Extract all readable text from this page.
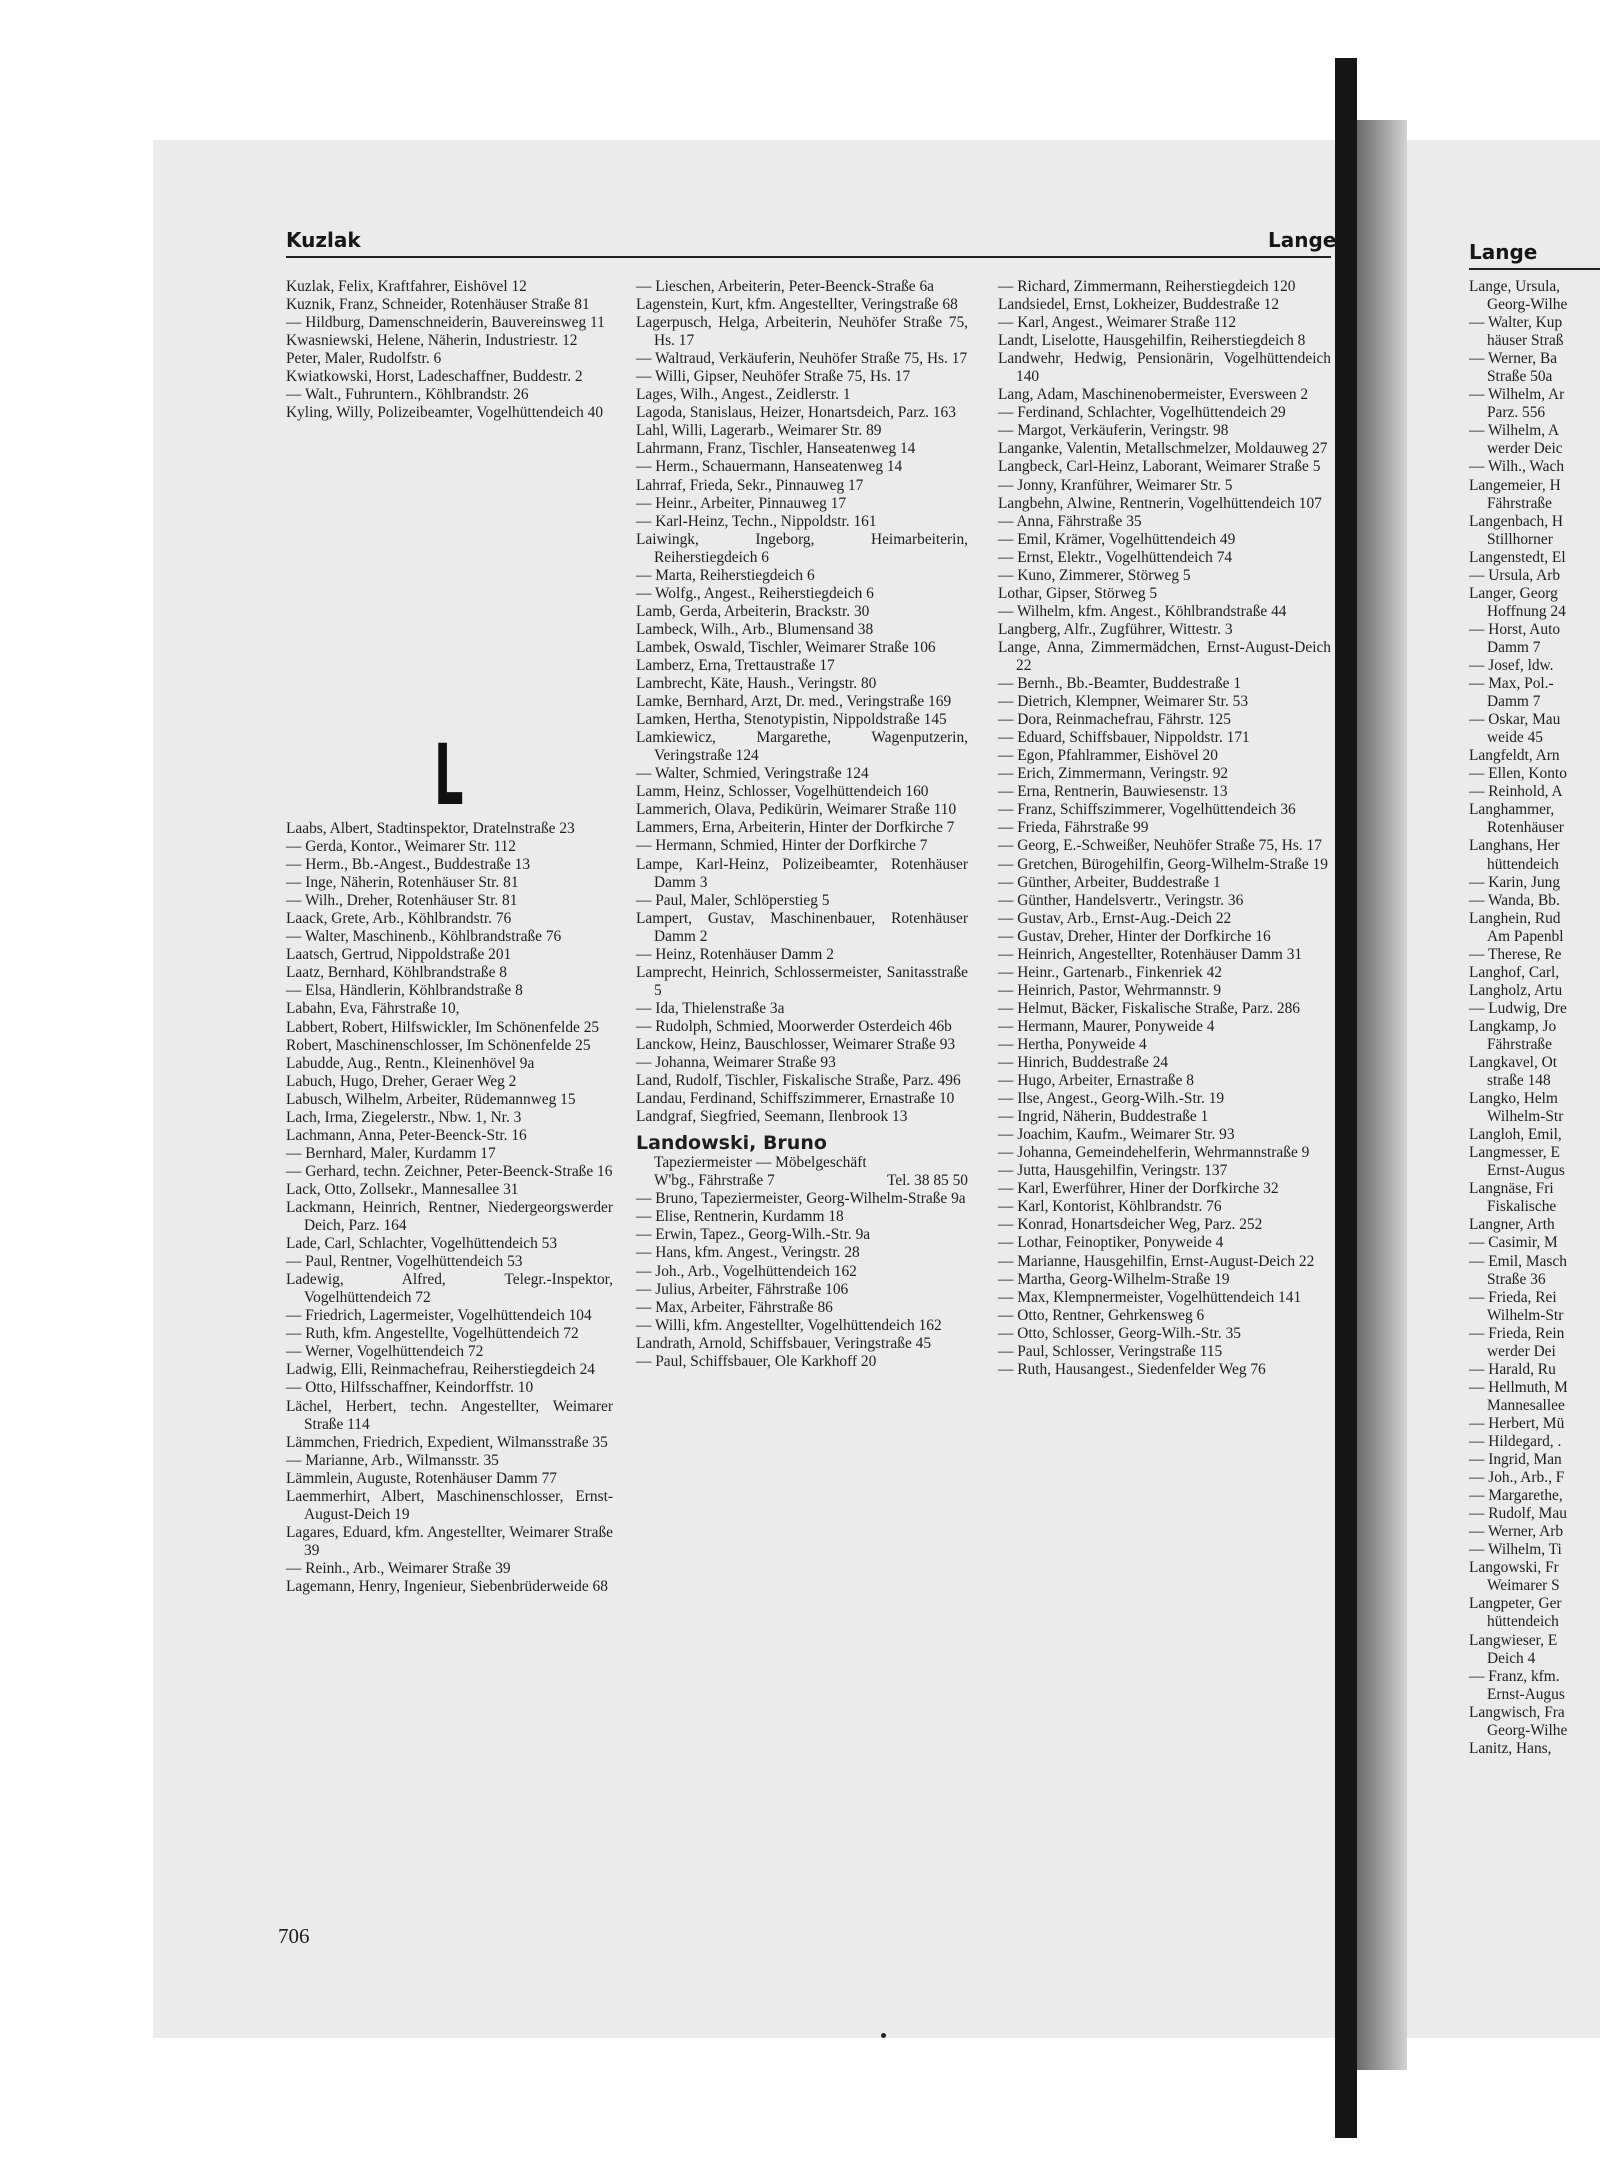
Kuzlak	Lange	Lange

Kuzlak, Felix, Kraftfahrer, Eishövel 12

Kuznik, Franz, Schneider, Rotenhäuser Straße 81

— Hildburg, Damenschneiderin, Bauvereinsweg 11

Kwasniewski, Helene, Näherin, Industriestr. 12

Peter, Maler, Rudolfstr. 6

Kwiatkowski, Horst, Ladeschaffner, Buddestr. 2

— Walt., Fuhruntern., Köhlbrandstr. 26

Kyling, Willy, Polizeibeamter, Vogelhüttendeich 40

L

Laabs, Albert, Stadtinspektor, Dratelnstraße 23

— Gerda, Kontor., Weimarer Str. 112

— Herm., Bb.-Angest., Buddestraße 13

— Inge, Näherin, Rotenhäuser Str. 81

— Wilh., Dreher, Rotenhäuser Str. 81

Laack, Grete, Arb., Köhlbrandstr. 76

— Walter, Maschinenb., Köhlbrandstraße 76

Laatsch, Gertrud, Nippoldstraße 201

Laatz, Bernhard, Köhlbrandstraße 8

— Elsa, Händlerin, Köhlbrandstraße 8

Labahn, Eva, Fährstraße 10,

Labbert, Robert, Hilfswickler, Im Schönenfelde 25

Robert, Maschinenschlosser, Im Schönenfelde 25

Labudde, Aug., Rentn., Kleinenhövel 9a

Labuch, Hugo, Dreher, Geraer Weg 2

Labusch, Wilhelm, Arbeiter, Rüdemannweg 15

Lach, Irma, Ziegelerstr., Nbw. 1, Nr. 3

Lachmann, Anna, Peter-Beenck-Str. 16

— Bernhard, Maler, Kurdamm 17

— Gerhard, techn. Zeichner, Peter-Beenck-Straße 16

Lack, Otto, Zollsekr., Mannesallee 31

Lackmann, Heinrich, Rentner, Niedergeorgswerder Deich, Parz. 164

Lade, Carl, Schlachter, Vogelhüttendeich 53

— Paul, Rentner, Vogelhüttendeich 53

Ladewig, Alfred, Telegr.-Inspektor, Vogelhüttendeich 72

— Friedrich, Lagermeister, Vogelhüttendeich 104

— Ruth, kfm. Angestellte, Vogelhüttendeich 72

— Werner, Vogelhüttendeich 72

Ladwig, Elli, Reinmachefrau, Reiherstiegdeich 24

— Otto, Hilfsschaffner, Keindorffstr. 10

Lächel, Herbert, techn. Angestellter, Weimarer Straße 114

Lämmchen, Friedrich, Expedient, Wilmansstraße 35

— Marianne, Arb., Wilmansstr. 35

Lämmlein, Auguste, Rotenhäuser Damm 77

Laemmerhirt, Albert, Maschinenschlosser, Ernst-August-Deich 19

Lagares, Eduard, kfm. Angestellter, Weimarer Straße 39

— Reinh., Arb., Weimarer Straße 39

Lagemann, Henry, Ingenieur, Siebenbrüderweide 68

— Lieschen, Arbeiterin, Peter-Beenck-Straße 6a

Lagenstein, Kurt, kfm. Angestellter, Veringstraße 68

Lagerpusch, Helga, Arbeiterin, Neuhöfer Straße 75, Hs. 17

— Waltraud, Verkäuferin, Neuhöfer Straße 75, Hs. 17

— Willi, Gipser, Neuhöfer Straße 75, Hs. 17

Lages, Wilh., Angest., Zeidlerstr. 1

Lagoda, Stanislaus, Heizer, Honartsdeich, Parz. 163

Lahl, Willi, Lagerarb., Weimarer Str. 89

Lahrmann, Franz, Tischler, Hanseatenweg 14

— Herm., Schauermann, Hanseatenweg 14

Lahrraf, Frieda, Sekr., Pinnauweg 17

— Heinr., Arbeiter, Pinnauweg 17

— Karl-Heinz, Techn., Nippoldstr. 161

Laiwingk, Ingeborg, Heimarbeiterin, Reiherstiegdeich 6

— Marta, Reiherstiegdeich 6

— Wolfg., Angest., Reiherstiegdeich 6

Lamb, Gerda, Arbeiterin, Brackstr. 30

Lambeck, Wilh., Arb., Blumensand 38

Lambek, Oswald, Tischler, Weimarer Straße 106

Lamberz, Erna, Trettaustraße 17

Lambrecht, Käte, Haush., Veringstr. 80

Lamke, Bernhard, Arzt, Dr. med., Veringstraße 169

Lamken, Hertha, Stenotypistin, Nippoldstraße 145

Lamkiewicz, Margarethe, Wagenputzerin, Veringstraße 124

— Walter, Schmied, Veringstraße 124

Lamm, Heinz, Schlosser, Vogelhüttendeich 160

Lammerich, Olava, Pedikürin, Weimarer Straße 110

Lammers, Erna, Arbeiterin, Hinter der Dorfkirche 7

— Hermann, Schmied, Hinter der Dorfkirche 7

Lampe, Karl-Heinz, Polizeibeamter, Rotenhäuser Damm 3

— Paul, Maler, Schlöperstieg 5

Lampert, Gustav, Maschinenbauer, Rotenhäuser Damm 2

— Heinz, Rotenhäuser Damm 2

Lamprecht, Heinrich, Schlossermeister, Sanitasstraße 5

— Ida, Thielenstraße 3a

— Rudolph, Schmied, Moorwerder Osterdeich 46b

Lanckow, Heinz, Bauschlosser, Weimarer Straße 93

— Johanna, Weimarer Straße 93

Land, Rudolf, Tischler, Fiskalische Straße, Parz. 496

Landau, Ferdinand, Schiffszimmerer, Ernastraße 10

Landgraf, Siegfried, Seemann, Ilenbrook 13

Landowski, Bruno

Tapeziermeister — Möbelgeschäft

W'bg., Fährstraße 7	Tel. 38 85 50

— Bruno, Tapeziermeister, Georg-Wilhelm-Straße 9a

— Elise, Rentnerin, Kurdamm 18

— Erwin, Tapez., Georg-Wilh.-Str. 9a

— Hans, kfm. Angest., Veringstr. 28

— Joh., Arb., Vogelhüttendeich 162

— Julius, Arbeiter, Fährstraße 106

— Max, Arbeiter, Fährstraße 86

— Willi, kfm. Angestellter, Vogelhüttendeich 162

Landrath, Arnold, Schiffsbauer, Veringstraße 45

— Paul, Schiffsbauer, Ole Karkhoff 20

— Richard, Zimmermann, Reiherstiegdeich 120

Landsiedel, Ernst, Lokheizer, Buddestraße 12

— Karl, Angest., Weimarer Straße 112

Landt, Liselotte, Hausgehilfin, Reiherstiegdeich 8

Landwehr, Hedwig, Pensionärin, Vogelhüttendeich 140

Lang, Adam, Maschinenobermeister, Eversween 2

— Ferdinand, Schlachter, Vogelhüttendeich 29

— Margot, Verkäuferin, Veringstr. 98

Langanke, Valentin, Metallschmelzer, Moldauweg 27

Langbeck, Carl-Heinz, Laborant, Weimarer Straße 5

— Jonny, Kranführer, Weimarer Str. 5

Langbehn, Alwine, Rentnerin, Vogelhüttendeich 107

— Anna, Fährstraße 35

— Emil, Krämer, Vogelhüttendeich 49

— Ernst, Elektr., Vogelhüttendeich 74

— Kuno, Zimmerer, Störweg 5

Lothar, Gipser, Störweg 5

— Wilhelm, kfm. Angest., Köhlbrandstraße 44

Langberg, Alfr., Zugführer, Wittestr. 3

Lange, Anna, Zimmermädchen, Ernst-August-Deich 22

— Bernh., Bb.-Beamter, Buddestraße 1

— Dietrich, Klempner, Weimarer Str. 53

— Dora, Reinmachefrau, Fährstr. 125

— Eduard, Schiffsbauer, Nippoldstr. 171

— Egon, Pfahlrammer, Eishövel 20

— Erich, Zimmermann, Veringstr. 92

— Erna, Rentnerin, Bauwiesenstr. 13

— Franz, Schiffszimmerer, Vogelhüttendeich 36

— Frieda, Fährstraße 99

— Georg, E.-Schweißer, Neuhöfer Straße 75, Hs. 17

— Gretchen, Bürogehilfin, Georg-Wilhelm-Straße 19

— Günther, Arbeiter, Buddestraße 1

— Günther, Handelsvertr., Veringstr. 36

— Gustav, Arb., Ernst-Aug.-Deich 22

— Gustav, Dreher, Hinter der Dorfkirche 16

— Heinrich, Angestellter, Rotenhäuser Damm 31

— Heinr., Gartenarb., Finkenriek 42

— Heinrich, Pastor, Wehrmannstr. 9

— Helmut, Bäcker, Fiskalische Straße, Parz. 286

— Hermann, Maurer, Ponyweide 4

— Hertha, Ponyweide 4

— Hinrich, Buddestraße 24

— Hugo, Arbeiter, Ernastraße 8

— Ilse, Angest., Georg-Wilh.-Str. 19

— Ingrid, Näherin, Buddestraße 1

— Joachim, Kaufm., Weimarer Str. 93

— Johanna, Gemeindehelferin, Wehrmannstraße 9

— Jutta, Hausgehilfin, Veringstr. 137

— Karl, Ewerführer, Hiner der Dorfkirche 32

— Karl, Kontorist, Köhlbrandstr. 76

— Konrad, Honartsdeicher Weg, Parz. 252

— Lothar, Feinoptiker, Ponyweide 4

— Marianne, Hausgehilfin, Ernst-August-Deich 22

— Martha, Georg-Wilhelm-Straße 19

— Max, Klempnermeister, Vogelhüttendeich 141

— Otto, Rentner, Gehrkensweg 6

— Otto, Schlosser, Georg-Wilh.-Str. 35

— Paul, Schlosser, Veringstraße 115

— Ruth, Hausangest., Siedenfelder Weg 76

Lange, Ursula,

Georg-Wilhe

— Walter, Kup

häuser Straß

— Werner, Ba

Straße 50a

— Wilhelm, Ar

Parz. 556

— Wilhelm, A

werder Deic

— Wilh., Wach

Langemeier, H

Fährstraße

Langenbach, H

Stillhorner

Langenstedt, El

— Ursula, Arb

Langer, Georg

Hoffnung 24

— Horst, Auto

Damm 7

— Josef, ldw.

— Max, Pol.-

Damm 7

— Oskar, Mau

weide 45

Langfeldt, Arn

— Ellen, Konto

— Reinhold, A

Langhammer,

Rotenhäuser

Langhans, Her

hüttendeich

— Karin, Jung

— Wanda, Bb.

Langhein, Rud

Am Papenbl

— Therese, Re

Langhof, Carl,

Langholz, Artu

— Ludwig, Dre

Langkamp, Jo

Fährstraße

Langkavel, Ot

straße 148

Langko, Helm

Wilhelm-Str

Langloh, Emil,

Langmesser, E

Ernst-Augus

Langnäse, Fri

Fiskalische

Langner, Arth

— Casimir, M

— Emil, Masch

Straße 36

— Frieda, Rei

Wilhelm-Str

— Frieda, Rein

werder Dei

— Harald, Ru

— Hellmuth, M

Mannesallee

— Herbert, Mü

— Hildegard, .

— Ingrid, Man

— Joh., Arb., F

— Margarethe,

— Rudolf, Mau

— Werner, Arb

— Wilhelm, Ti

Langowski, Fr

Weimarer S

Langpeter, Ger

hüttendeich

Langwieser, E

Deich 4

— Franz, kfm.

Ernst-Augus

Langwisch, Fra

Georg-Wilhe

Lanitz, Hans,

706
